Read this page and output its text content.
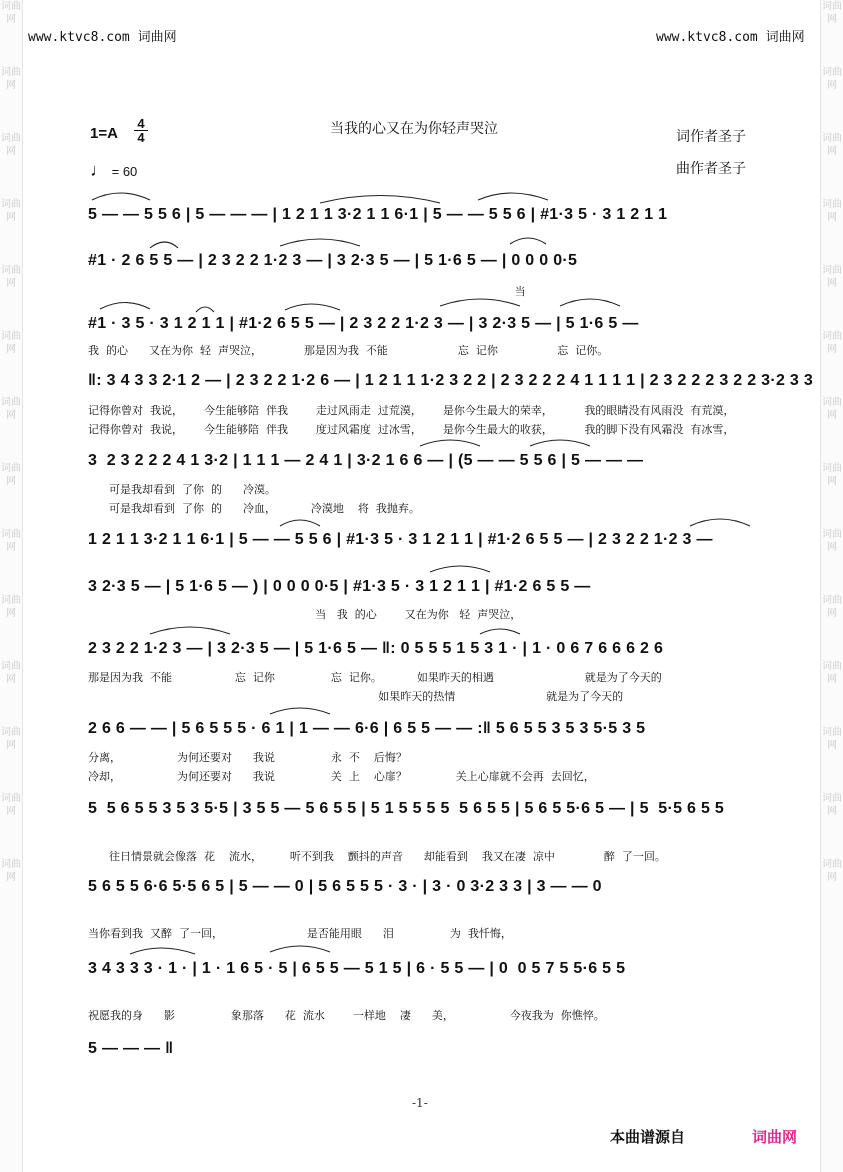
词曲网
词曲网
词曲网
词曲网
词曲网
词曲网
词曲网
词曲网
词曲网
词曲网
词曲网
词曲网
词曲网
词曲网
词曲网
词曲网
词曲网
词曲网
词曲网
词曲网
词曲网
词曲网
词曲网
词曲网
词曲网
词曲网
词曲网
词曲网
www.ktvc8.com 词曲网	www.ktvc8.com 词曲网
1=A
4
4
当我的心又在为你轻声哭泣	词作者圣子
曲作者圣子
♩ = 60
5 — — 5 5 6 | 5 — — — | 1 2 1 1 3·2 1 1 6·1 | 5 — — 5 5 6 | #1·3 5 · 3 1 2 1 1
#1 · 2 6 5 5 — | 2 3 2 2 1·2 3 — | 3 2·3 5 — | 5 1·6 5 — | 0 0 0 0·5
当
#1 · 3 5 · 3 1 2 1 1 | #1·2 6 5 5 — | 2 3 2 2 1·2 3 — | 3 2·3 5 — | 5 1·6 5 —
我  的心      又在为你  轻  声哭泣，            那是因为我  不能                    忘  记你                 忘  记你。
‖: 3 4 3 3 2·1 2 — | 2 3 2 2 1·2 6 — | 1 2 1 1 1·2 3 2 2 | 2 3 2 2 2 4 1 1 1 1 | 2 3 2 2 2 3 2 2 3·2 3 3
记得你曾对  我说，      今生能够陪  伴我        走过风雨走  过荒漠，      是你今生最大的荣幸，         我的眼睛没有风雨没  有荒漠，
记得你曾对  我说，      今生能够陪  伴我        度过风霜度  过冰雪，      是你今生最大的收获，         我的脚下没有风霜没  有冰雪，
3  2 3 2 2 2 4 1 3·2 | 1 1 1 — 2 4 1 | 3·2 1 6 6 — | (5 — — 5 5 6 | 5 — — —
可是我却看到  了你  的      冷漠。
可是我却看到  了你  的      冷血，          冷漠地    将  我抛弃。
1 2 1 1 3·2 1 1 6·1 | 5 — — 5 5 6 | #1·3 5 · 3 1 2 1 1 | #1·2 6 5 5 — | 2 3 2 2 1·2 3 —
3 2·3 5 — | 5 1·6 5 — ) | 0 0 0 0·5 | #1·3 5 · 3 1 2 1 1 | #1·2 6 5 5 —
当   我  的心        又在为你   轻  声哭泣，
2 3 2 2 1·2 3 — | 3 2·3 5 — | 5 1·6 5 — ‖: 0 5 5 5 1 5 3 1 · | 1 · 0 6 7 6 6 6 2 6
那是因为我  不能                  忘  记你                忘  记你。          如果昨天的相遇                          就是为了今天的
如果昨天的热情                          就是为了今天的
2 6 6 — — | 5 6 5 5 5 · 6 1 | 1 — — 6·6 | 6 5 5 — — :‖ 5 6 5 5 3 5 3 5·5 3 5
分离，                为何还要对      我说                永  不    后悔？
冷却，                为何还要对      我说                关  上    心扉？              关上心扉就不会再  去回忆，
5  5 6 5 5 3 5 3 5·5 | 3 5 5 — 5 6 5 5 | 5 1 5 5 5 5  5 6 5 5 | 5 6 5 5·6 5 — | 5  5·5 6 5 5
往日情景就会像落  花    流水，        听不到我    颤抖的声音      却能看到    我又在凄  凉中              醉  了一回。
5 6 5 5 6·6 5·5 6 5 | 5 — — 0 | 5 6 5 5 5 · 3 · | 3 · 0 3·2 3 3 | 3 — — 0
当你看到我  又醉  了一回，                        是否能用眼      泪                为  我忏悔，
3 4 3 3 3 · 1 · | 1 · 1 6 5 · 5 | 6 5 5 — 5 1 5 | 6 · 5 5 — | 0  0 5 7 5 5·6 5 5
祝愿我的身      影                象那落      花  流水        一样地    凄      美，                今夜我为  你憔悴。
5 — — — ‖
-1-
本曲谱源自	词曲网
